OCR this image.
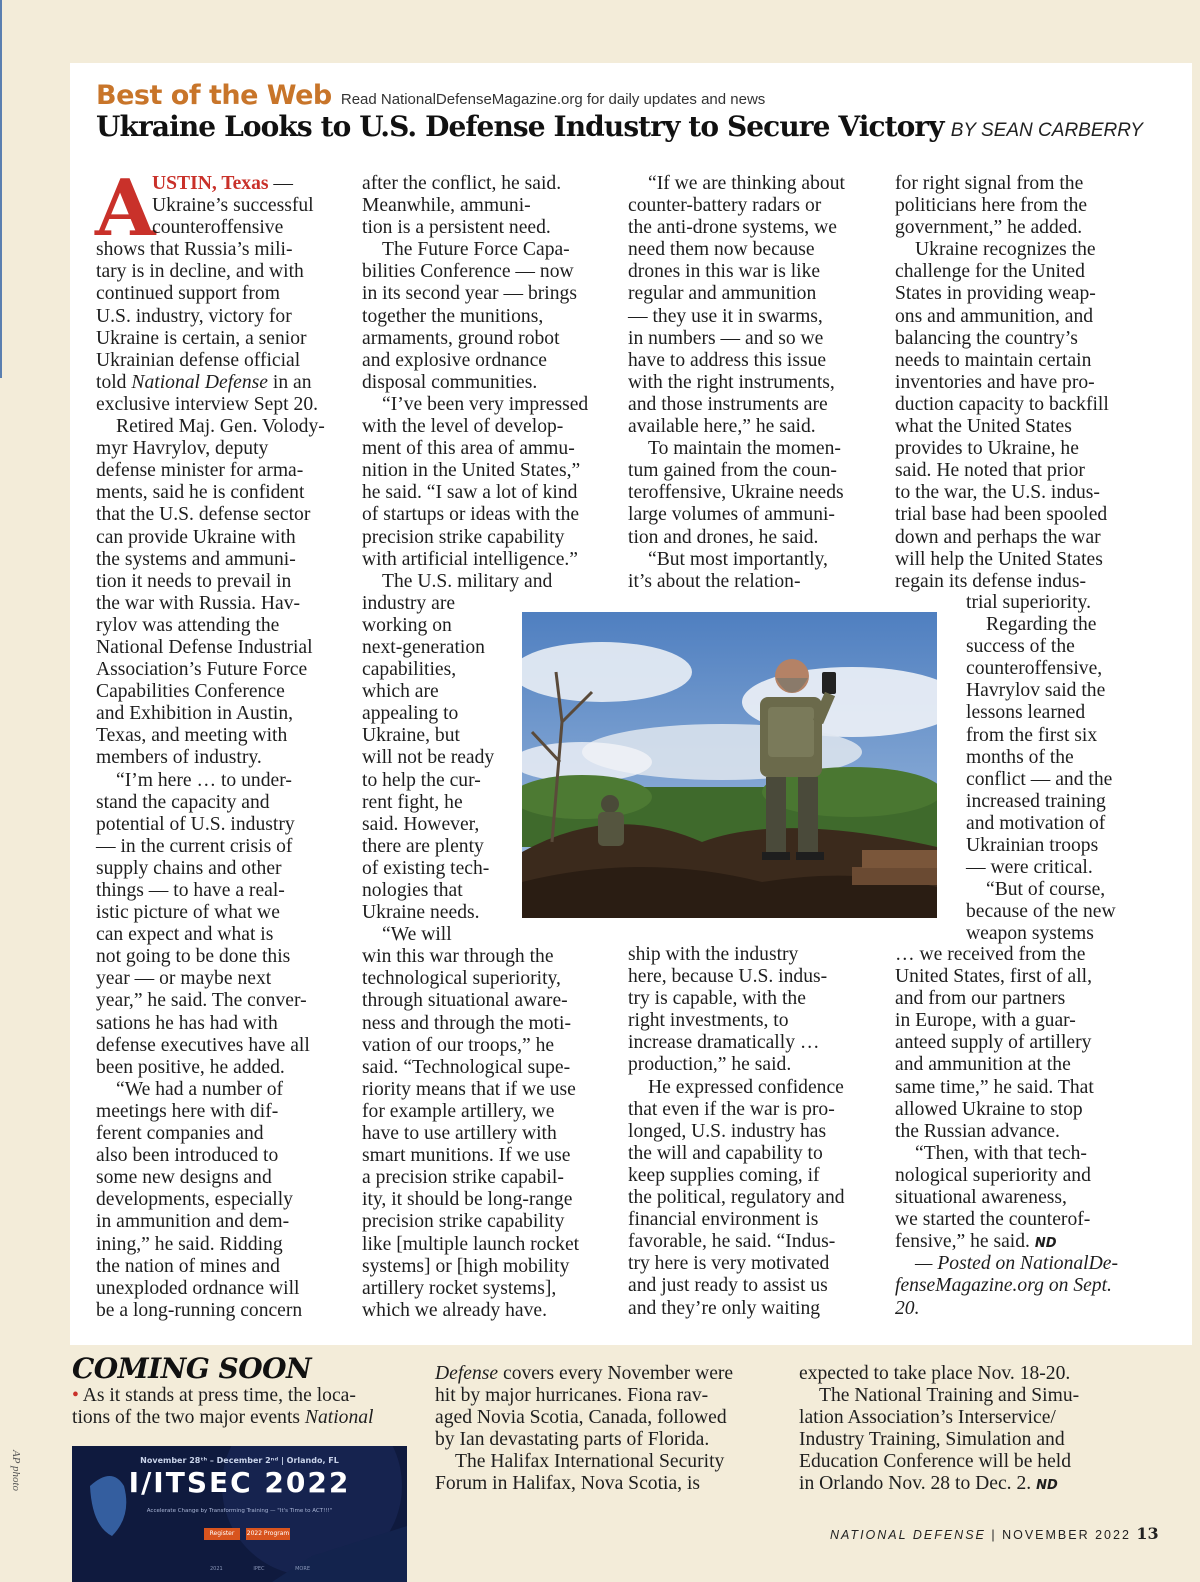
Best of the Web Read NationalDefenseMagazine.org for daily updates and news
Ukraine Looks to U.S. Defense Industry to Secure Victory BY SEAN CARBERRY
A
USTIN, Texas —
Ukraine’s successful
counteroffensive
shows that Russia’s mili-
tary is in decline, and with
continued support from
U.S. industry, victory for
Ukraine is certain, a senior
Ukrainian defense official
told National Defense in an
exclusive interview Sept 20.
Retired Maj. Gen. Volody-
myr Havrylov, deputy
defense minister for arma-
ments, said he is confident
that the U.S. defense sector
can provide Ukraine with
the systems and ammuni-
tion it needs to prevail in
the war with Russia. Hav-
rylov was attending the
National Defense Industrial
Association’s Future Force
Capabilities Conference
and Exhibition in Austin,
Texas, and meeting with
members of industry.
“I’m here … to under-
stand the capacity and
potential of U.S. industry
— in the current crisis of
supply chains and other
things — to have a real-
istic picture of what we
can expect and what is
not going to be done this
year — or maybe next
year,” he said. The conver-
sations he has had with
defense executives have all
been positive, he added.
“We had a number of
meetings here with dif-
ferent companies and
also been introduced to
some new designs and
developments, especially
in ammunition and dem-
ining,” he said. Ridding
the nation of mines and
unexploded ordnance will
be a long-running concern
after the conflict, he said.
Meanwhile, ammuni-
tion is a persistent need.
The Future Force Capa-
bilities Conference — now
in its second year — brings
together the munitions,
armaments, ground robot
and explosive ordnance
disposal communities.
“I’ve been very impressed
with the level of develop-
ment of this area of ammu-
nition in the United States,”
he said. “I saw a lot of kind
of startups or ideas with the
precision strike capability
with artificial intelligence.”
The U.S. military and
industry are
working on
next-generation
capabilities,
which are
appealing to
Ukraine, but
will not be ready
to help the cur-
rent fight, he
said. However,
there are plenty
of existing tech-
nologies that
Ukraine needs.
“We will
win this war through the
technological superiority,
through situational aware-
ness and through the moti-
vation of our troops,” he
said. “Technological supe-
riority means that if we use
for example artillery, we
have to use artillery with
smart munitions. If we use
a precision strike capabil-
ity, it should be long-range
precision strike capability
like [multiple launch rocket
systems] or [high mobility
artillery rocket systems],
which we already have.
“If we are thinking about
counter-battery radars or
the anti-drone systems, we
need them now because
drones in this war is like
regular and ammunition
— they use it in swarms,
in numbers — and so we
have to address this issue
with the right instruments,
and those instruments are
available here,” he said.
To maintain the momen-
tum gained from the coun-
teroffensive, Ukraine needs
large volumes of ammuni-
tion and drones, he said.
“But most importantly,
it’s about the relation-
ship with the industry
here, because U.S. indus-
try is capable, with the
right investments, to
increase dramatically …
production,” he said.
He expressed confidence
that even if the war is pro-
longed, U.S. industry has
the will and capability to
keep supplies coming, if
the political, regulatory and
financial environment is
favorable, he said. “Indus-
try here is very motivated
and just ready to assist us
and they’re only waiting
for right signal from the
politicians here from the
government,” he added.
Ukraine recognizes the
challenge for the United
States in providing weap-
ons and ammunition, and
balancing the country’s
needs to maintain certain
inventories and have pro-
duction capacity to backfill
what the United States
provides to Ukraine, he
said. He noted that prior
to the war, the U.S. indus-
trial base had been spooled
down and perhaps the war
will help the United States
regain its defense indus-
trial superiority.
Regarding the
success of the
counteroffensive,
Havrylov said the
lessons learned
from the first six
months of the
conflict — and the
increased training
and motivation of
Ukrainian troops
— were critical.
“But of course,
because of the new
weapon systems
… we received from the
United States, first of all,
and from our partners
in Europe, with a guar-
anteed supply of artillery
and ammunition at the
same time,” he said. That
allowed Ukraine to stop
the Russian advance.
“Then, with that tech-
nological superiority and
situational awareness,
we started the counterof-
fensive,” he said. ND
— Posted on NationalDe-
fenseMagazine.org on Sept.
20.
AP photo
COMING SOON
• As it stands at press time, the loca-
tions of the two major events National
Defense covers every November were
hit by major hurricanes. Fiona rav-
aged Novia Scotia, Canada, followed
by Ian devastating parts of Florida.
The Halifax International Security
Forum in Halifax, Nova Scotia, is
expected to take place Nov. 18-20.
The National Training and Simu-
lation Association’s Interservice/
Industry Training, Simulation and
Education Conference will be held
in Orlando Nov. 28 to Dec. 2. ND
November 28ᵗʰ – December 2ⁿᵈ | Orlando, FL
I/ITSEC 2022
Accelerate Change by Transforming Training — "It's Time to ACT!!!"
Register	2022 Program
2021	IPEC	MORE
NATIONAL DEFENSE | NOVEMBER 2022 13
